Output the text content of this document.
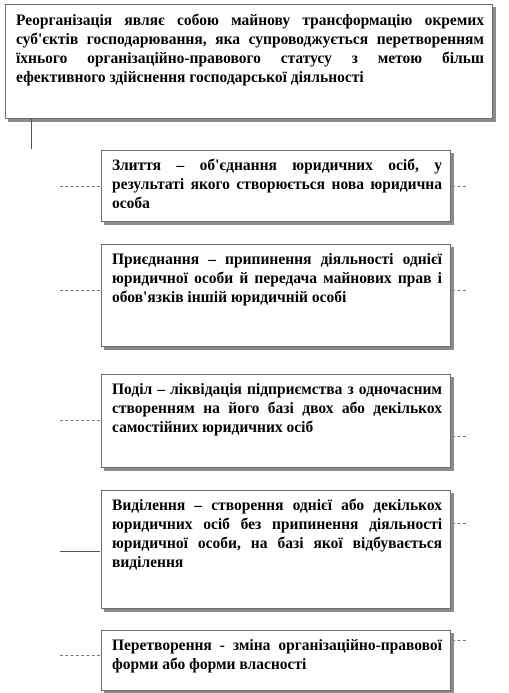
Реорганізація являє собою майнову трансформацію окремих суб'єктів господарювання, яка супроводжується перетворенням їхнього організаційно-правового статусу з метою більш ефективного здійснення господарської діяльності
Злиття – об'єднання юридичних осіб, у результаті якого створюється нова юридична особа
Приєднання – припинення діяльності однієї юридичної особи й передача майнових прав і обов'язків іншій юридичній особі
Поділ – ліквідація підприємства з одночасним створенням на його базі двох або декількох самостійних юридичних осіб
Виділення – створення однієї або декількох юридичних осіб без припинення діяльності юридичної особи, на базі якої відбувається виділення
Перетворення - зміна організаційно-правової форми або форми власності
